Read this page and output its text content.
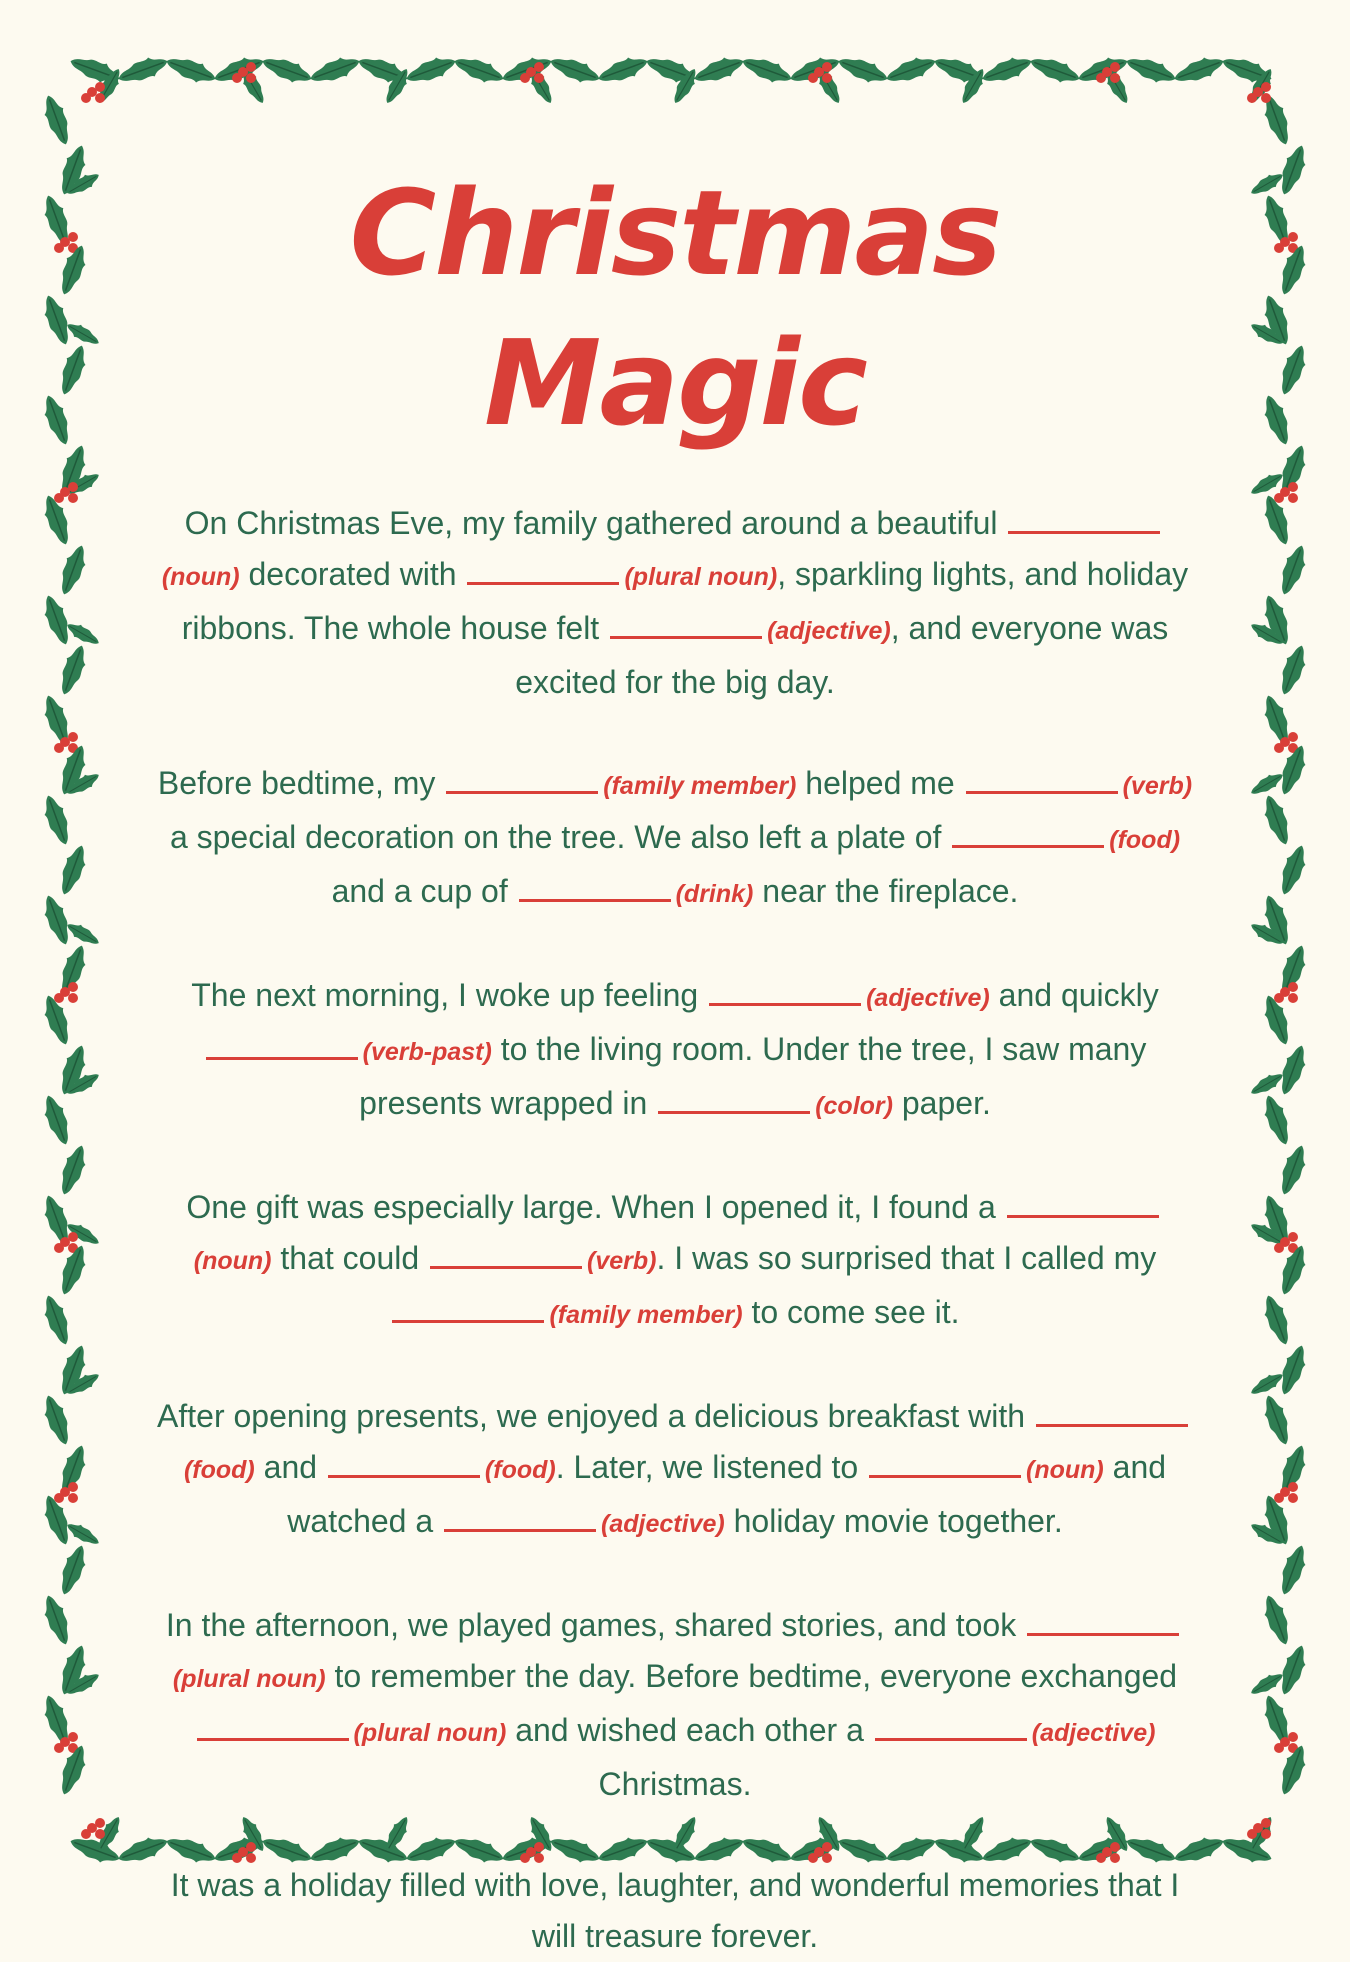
Christmas Magic

On Christmas Eve, my family gathered around a beautiful (noun) decorated with	(plural noun), sparkling lights, and holiday ribbons. The whole house felt	(adjective), and everyone was excited for the big day.

Before bedtime, my	(family member) helped me	(verb) a special decoration on the tree. We also left a plate of	(food) and a cup of	(drink) near the fireplace.

The next morning, I woke up feeling	(adjective) and quickly (verb-past) to the living room. Under the tree, I saw many presents wrapped in	(color) paper.

One gift was especially large. When I opened it, I found a (noun) that could	(verb). I was so surprised that I called my (family member) to come see it.

After opening presents, we enjoyed a delicious breakfast with (food) and	(food). Later, we listened to	(noun) and watched a	(adjective) holiday movie together.

In the afternoon, we played games, shared stories, and took (plural noun) to remember the day. Before bedtime, everyone exchanged (plural noun) and wished each other a	(adjective) Christmas.

It was a holiday filled with love, laughter, and wonderful memories that I will treasure forever.
